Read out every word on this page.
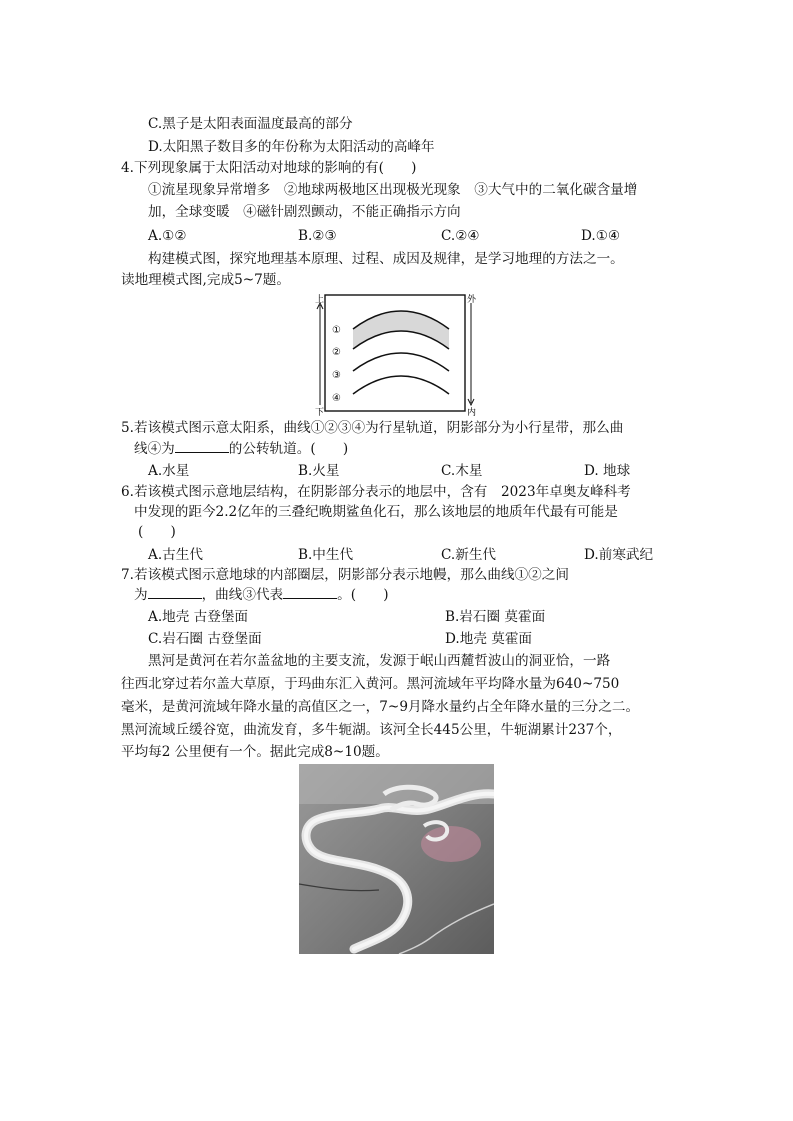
C.黑子是太阳表面温度最高的部分
D.太阳黑子数目多的年份称为太阳活动的高峰年
4.下列现象属于太阳活动对地球的影响的有(　　)
①流星现象异常增多　②地球两极地区出现极光现象　③大气中的二氧化碳含量增
加，全球变暖　④磁针剧烈颤动，不能正确指示方向
A.①②	B.②③	C.②④	D.①④
构建模式图，探究地理基本原理、过程、成因及规律，是学习地理的方法之一。
读地理模式图,完成5~7题。
上
下
外
内
①
②
③
④
5.若该模式图示意太阳系，曲线①②③④为行星轨道，阴影部分为小行星带，那么曲
线④为	的公转轨道。(　　)
A.水星	B.火星	C.木星	D. 地球
6.若该模式图示意地层结构，在阴影部分表示的地层中，含有　2023年卓奥友峰科考
中发现的距今2.2亿年的三叠纪晚期鲨鱼化石，那么该地层的地质年代最有可能是
(　　)
A.古生代	B.中生代	C.新生代	D.前寒武纪
7.若该模式图示意地球的内部圈层，阴影部分表示地幔，那么曲线①②之间
为	，曲线③代表	。(　　)
A.地壳 古登堡面	B.岩石圈 莫霍面
C.岩石圈 古登堡面	D.地壳 莫霍面
黑河是黄河在若尔盖盆地的主要支流，发源于岷山西麓哲波山的洞亚恰，一路
往西北穿过若尔盖大草原，于玛曲东汇入黄河。黑河流域年平均降水量为640~750
毫米，是黄河流域年降水量的高值区之一，7~9月降水量约占全年降水量的三分之二。
黑河流域丘缓谷宽，曲流发育，多牛轭湖。该河全长445公里，牛轭湖累计237个，
平均每2 公里便有一个。据此完成8~10题。
